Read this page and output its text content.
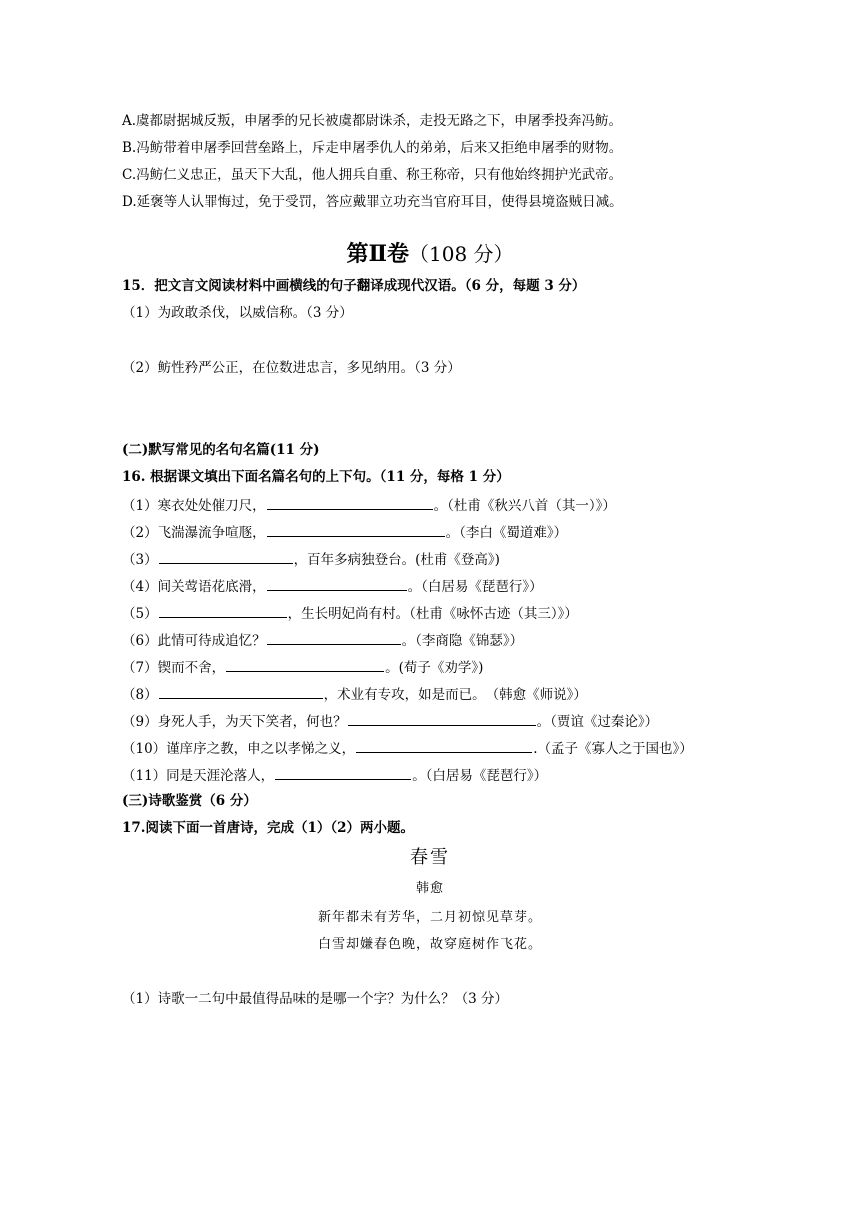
A.虞都尉据城反叛，申屠季的兄长被虞都尉诛杀，走投无路之下，申屠季投奔冯鲂。
B.冯鲂带着申屠季回营垒路上，斥走申屠季仇人的弟弟，后来又拒绝申屠季的财物。
C.冯鲂仁义忠正，虽天下大乱，他人拥兵自重、称王称帝，只有他始终拥护光武帝。
D.延褒等人认罪悔过，免于受罚，答应戴罪立功充当官府耳目，使得县境盗贼日减。
第Ⅱ卷（108 分）
15．把文言文阅读材料中画横线的句子翻译成现代汉语。（6 分，每题 3 分）
（1）为政敢杀伐，以威信称。（3 分）
（2）鲂性矜严公正，在位数进忠言，多见纳用。（3 分）
(二)默写常见的名句名篇(11 分)
16. 根据课文填出下面名篇名句的上下句。（11 分，每格 1 分）
（1）寒衣处处催刀尺，	。（杜甫《秋兴八首（其一）》）
（2）飞湍瀑流争喧豗，	。（李白《蜀道难》）
（3）	，百年多病独登台。(杜甫《登高》)
（4）间关莺语花底滑，	。（白居易《琵琶行》）
（5）	，生长明妃尚有村。（杜甫《咏怀古迹（其三）》）
（6）此情可待成追忆？	。（李商隐《锦瑟》）
（7）锲而不舍，	。(荀子《劝学》)
（8）	，术业有专攻，如是而已。　（韩愈《师说》）
（9）身死人手，为天下笑者，何也？	。（贾谊《过秦论》）
（10）谨庠序之教，申之以孝悌之义，	.（孟子《寡人之于国也》）
（11）同是天涯沦落人，	。（白居易《琵琶行》）
(三)诗歌鉴赏（6 分）
17.阅读下面一首唐诗，完成（1）（2）两小题。
春雪
韩愈
新年都未有芳华，二月初惊见草芽。
白雪却嫌春色晚，故穿庭树作飞花。
（1）诗歌一二句中最值得品味的是哪一个字？为什么？（3 分）
